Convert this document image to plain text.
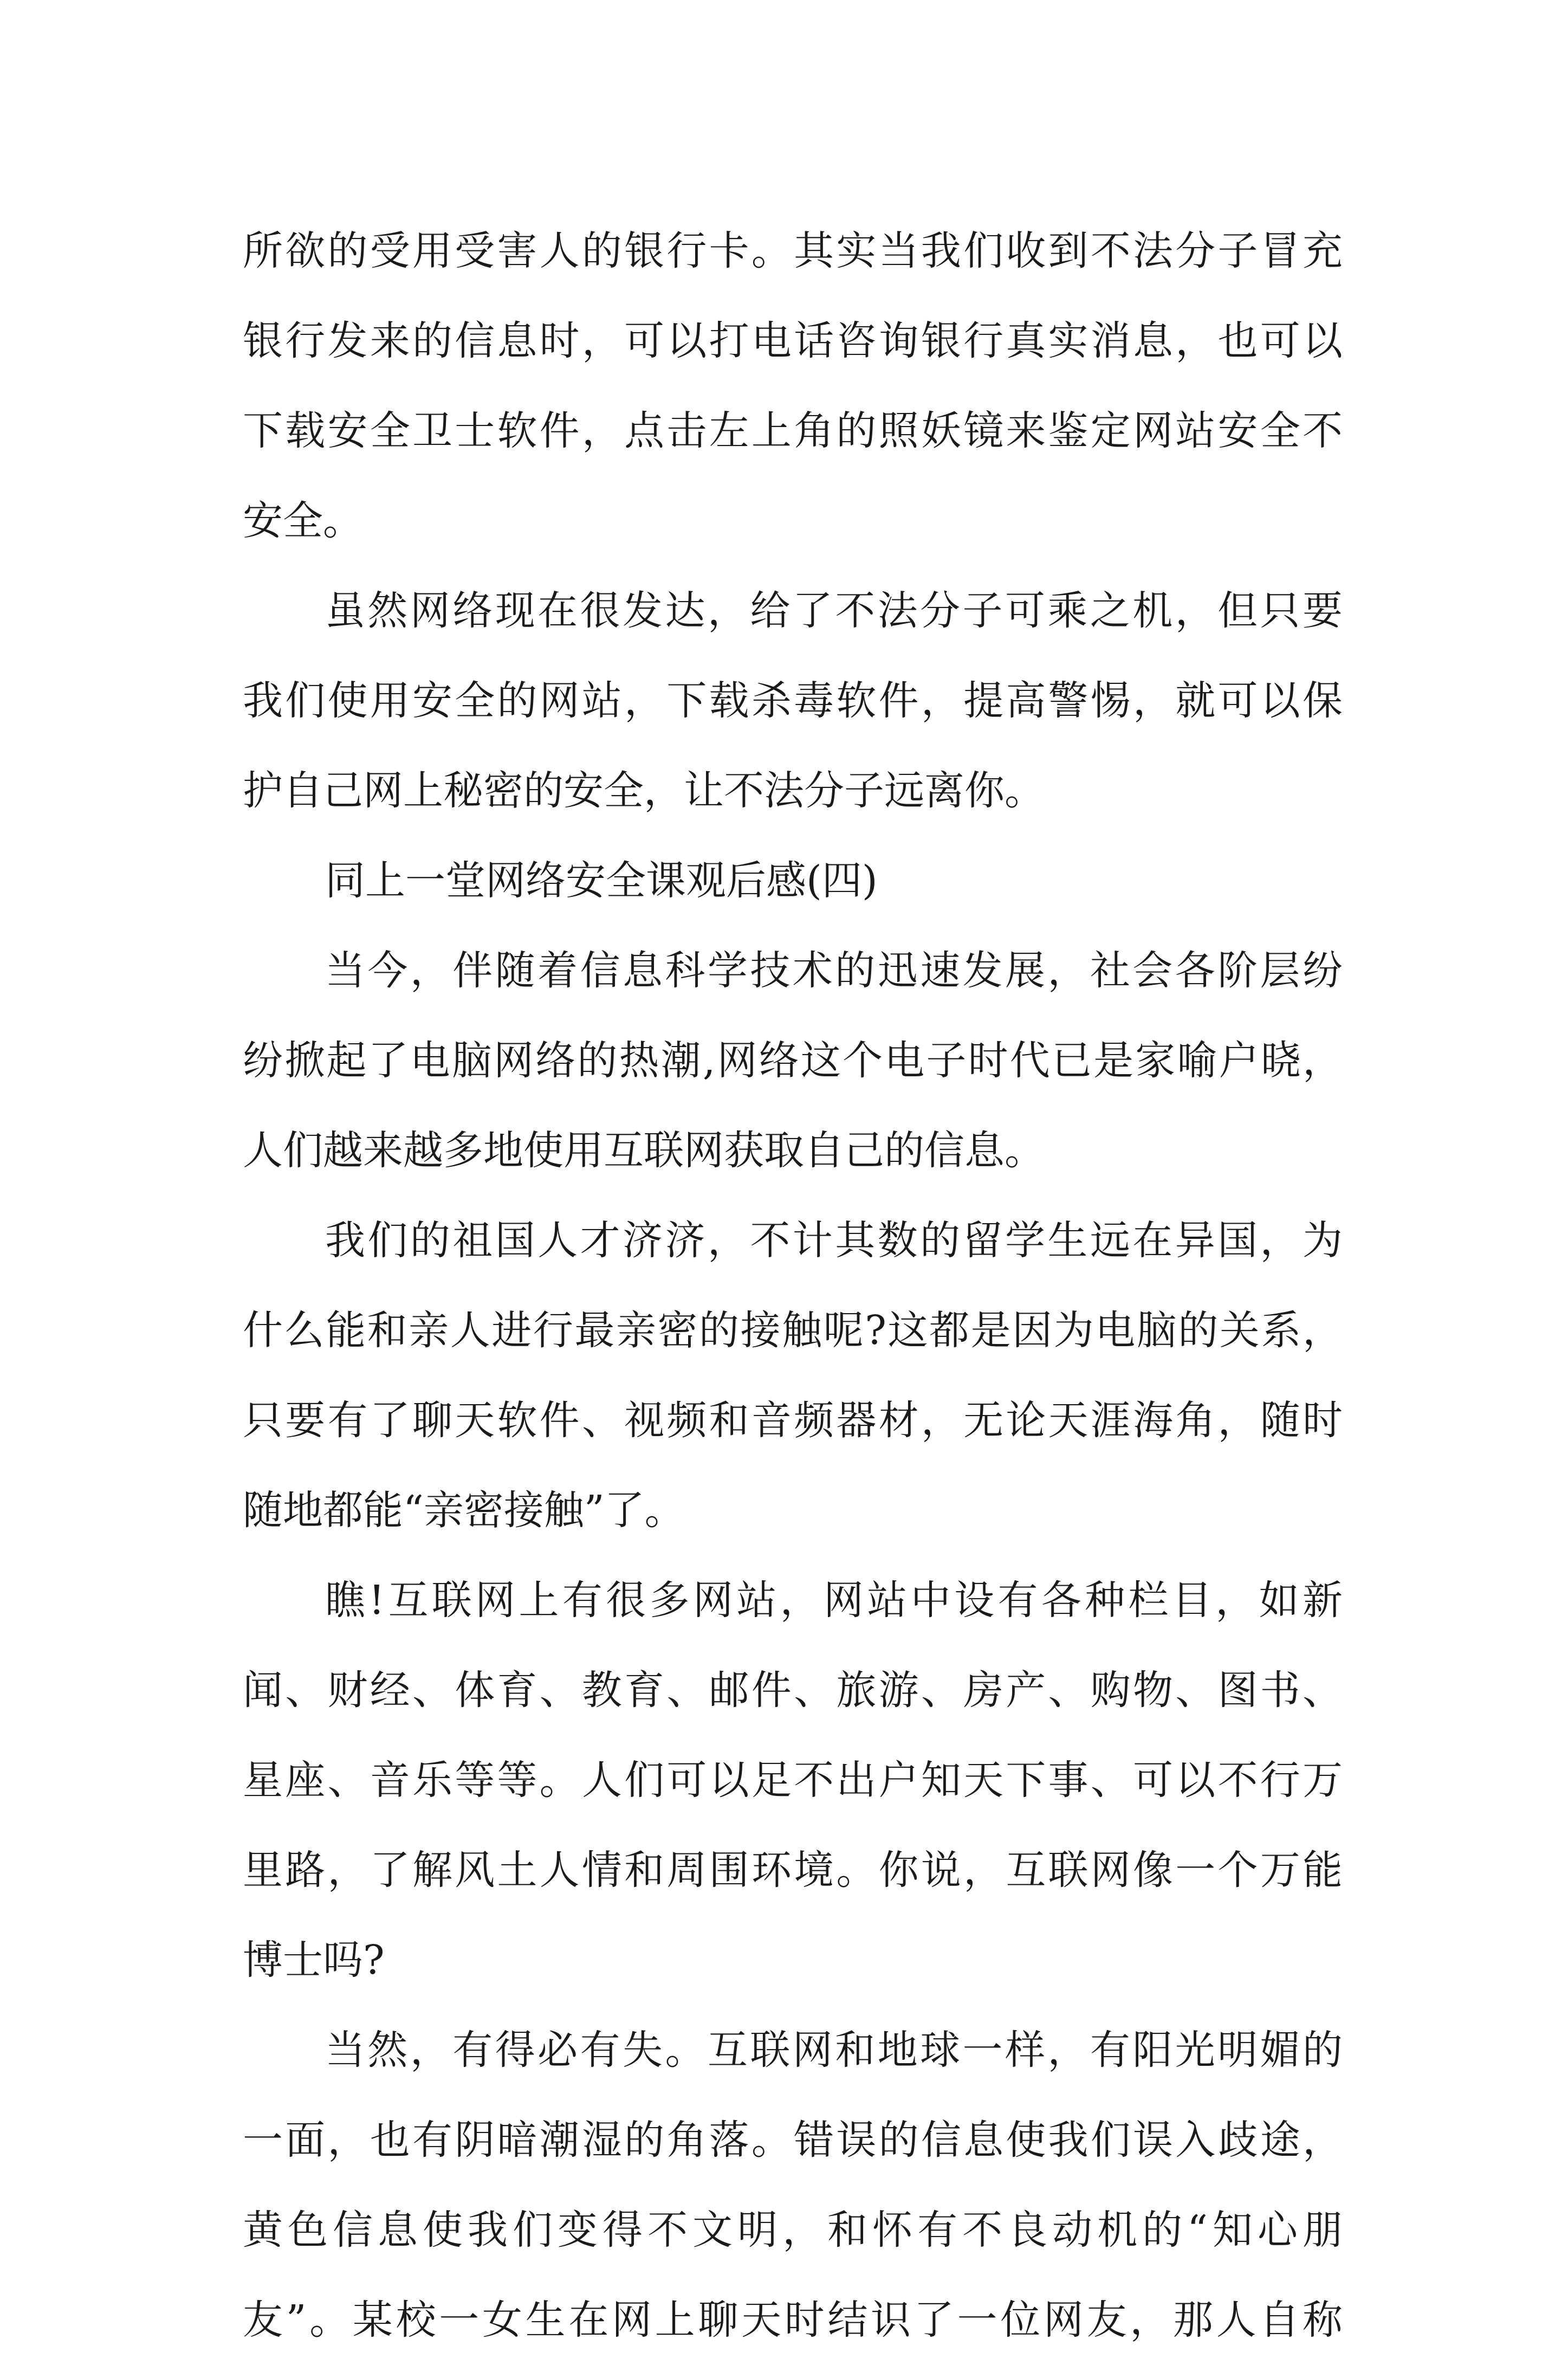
所欲的受用受害人的银行卡。其实当我们收到不法分子冒充
银行发来的信息时，可以打电话咨询银行真实消息，也可以
下载安全卫士软件，点击左上角的照妖镜来鉴定网站安全不
安全。
虽然网络现在很发达，给了不法分子可乘之机，但只要
我们使用安全的网站，下载杀毒软件，提高警惕，就可以保
护自己网上秘密的安全，让不法分子远离你。
同上一堂网络安全课观后感(四)
当今，伴随着信息科学技术的迅速发展，社会各阶层纷
纷掀起了电脑网络的热潮,网络这个电子时代已是家喻户晓，
人们越来越多地使用互联网获取自己的信息。
我们的祖国人才济济，不计其数的留学生远在异国，为
什么能和亲人进行最亲密的接触呢?这都是因为电脑的关系，
只要有了聊天软件、视频和音频器材，无论天涯海角，随时
随地都能“亲密接触”了。
瞧!互联网上有很多网站，网站中设有各种栏目，如新
闻、财经、体育、教育、邮件、旅游、房产、购物、图书、
星座、音乐等等。人们可以足不出户知天下事、可以不行万
里路，了解风土人情和周围环境。你说，互联网像一个万能
博士吗?
当然，有得必有失。互联网和地球一样，有阳光明媚的
一面，也有阴暗潮湿的角落。错误的信息使我们误入歧途，
黄色信息使我们变得不文明，和怀有不良动机的“知心朋
友”。某校一女生在网上聊天时结识了一位网友，那人自称
